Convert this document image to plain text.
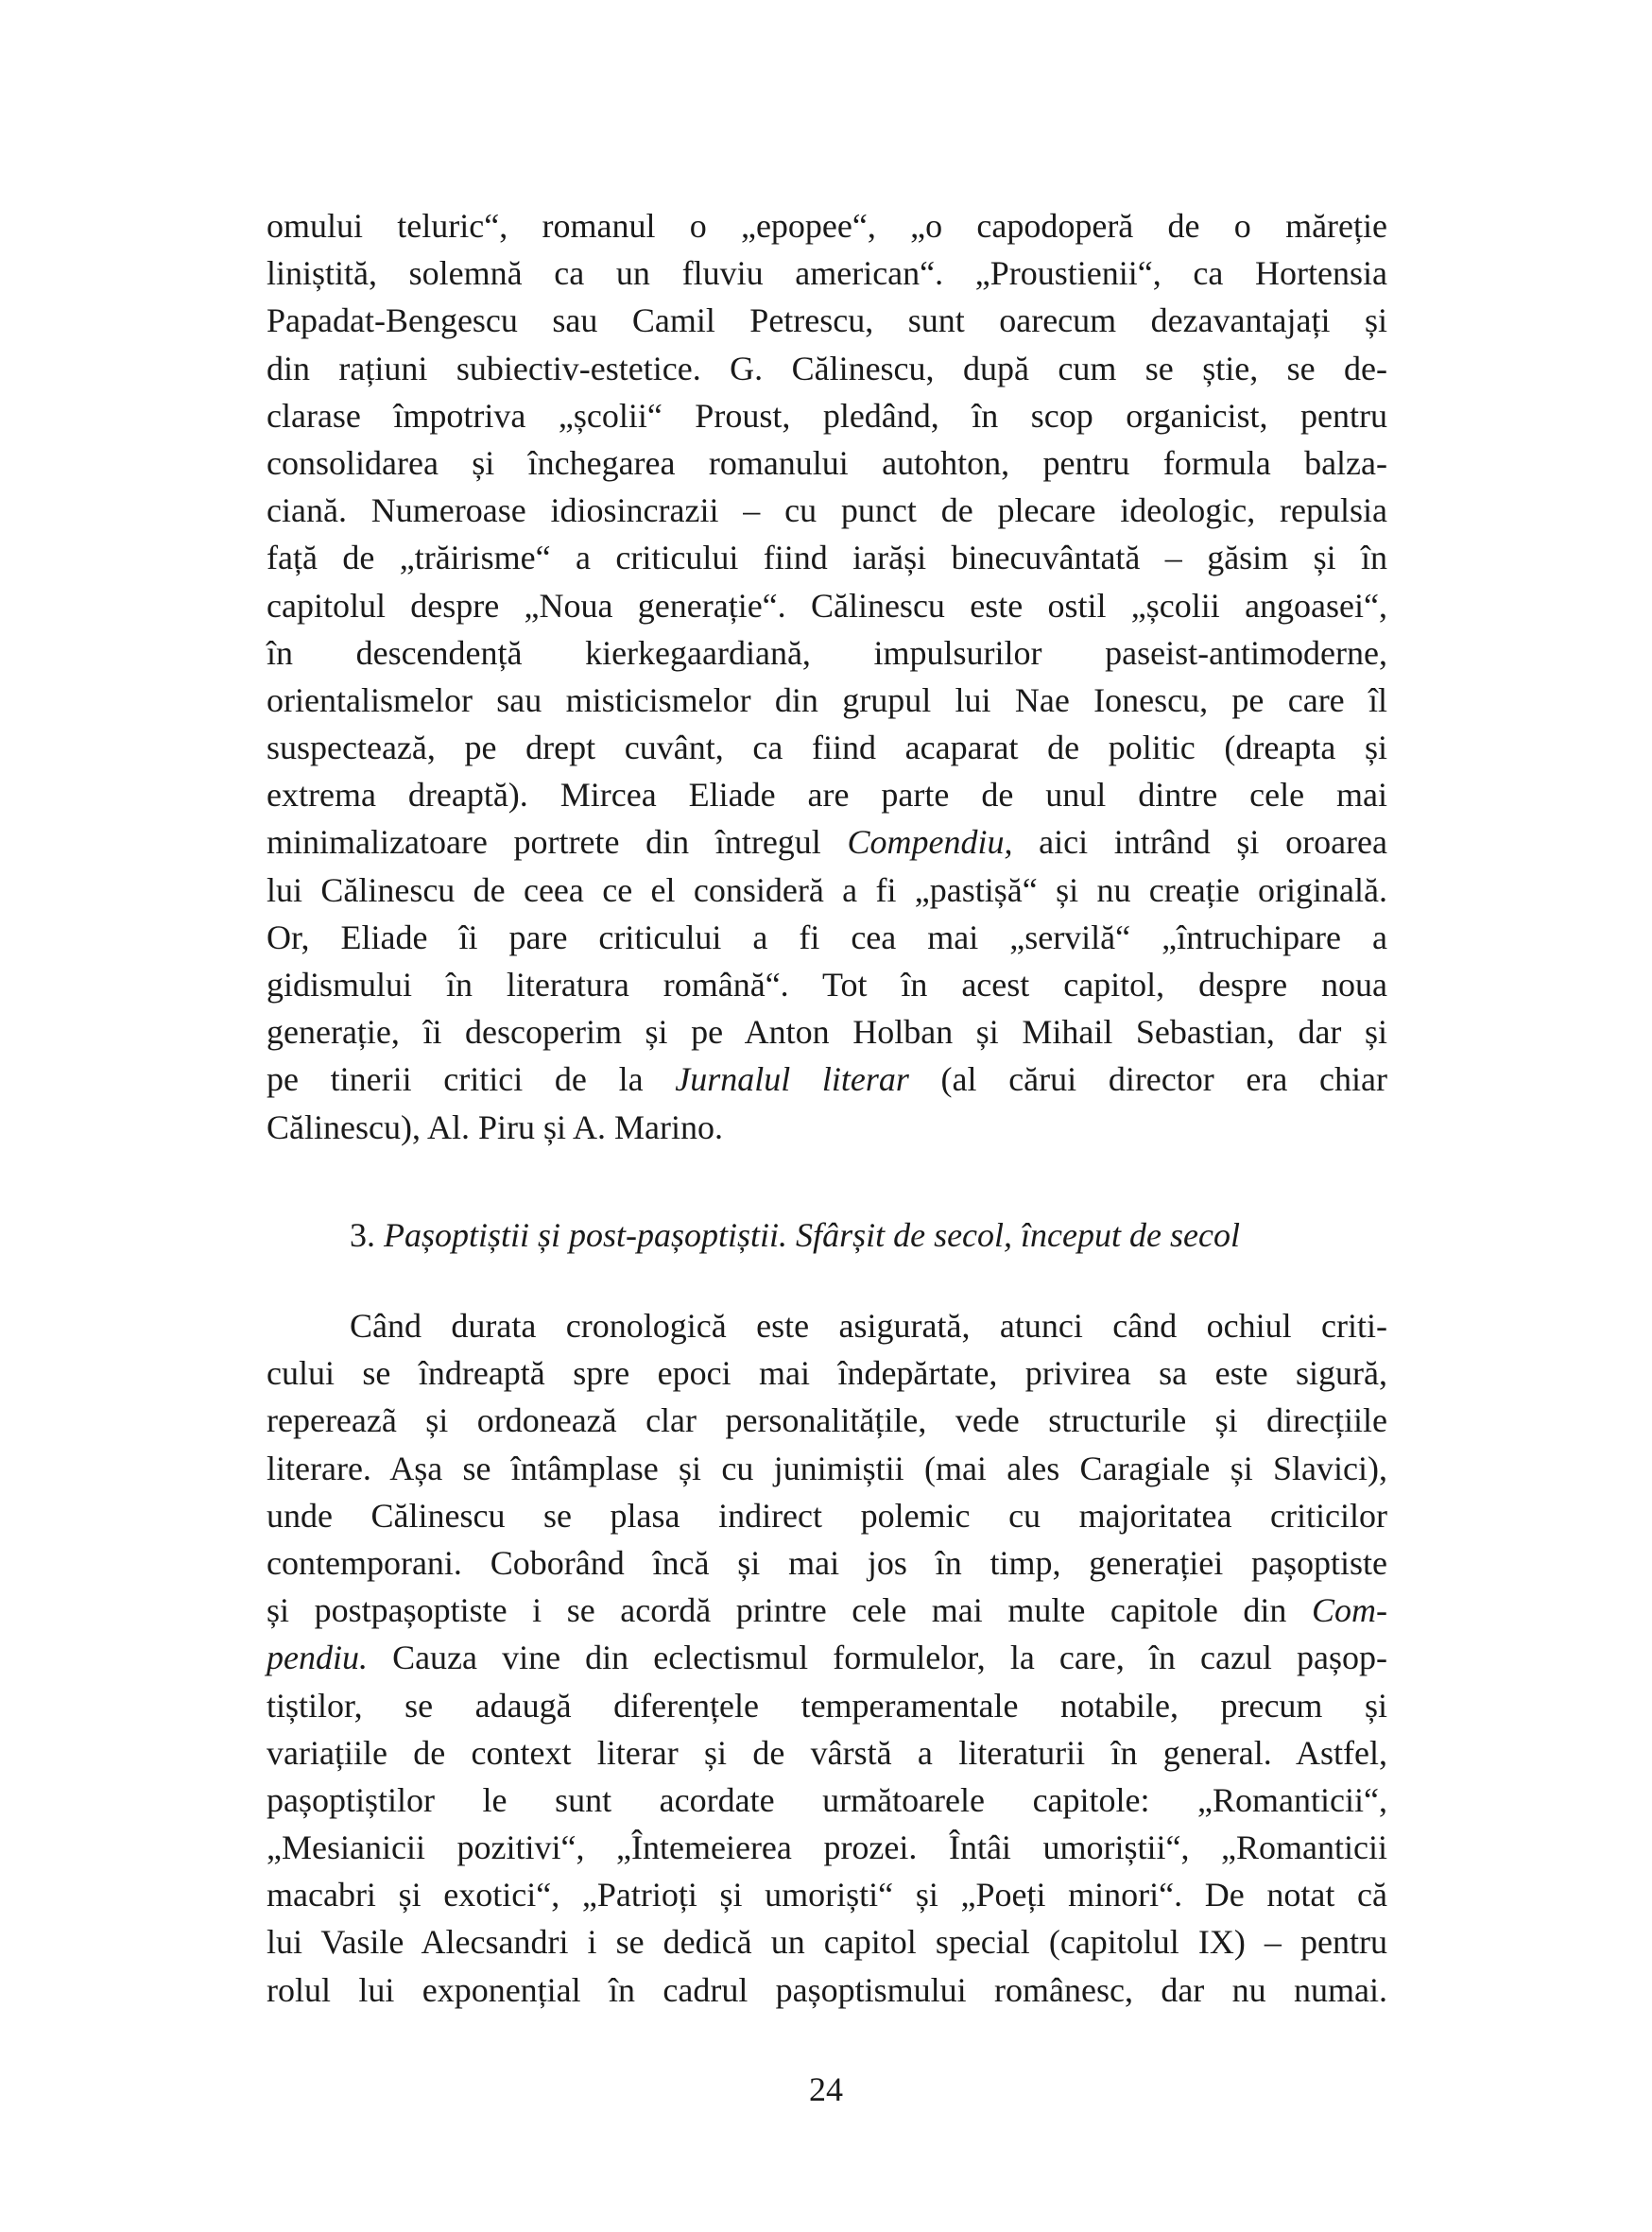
omului teluric“, romanul o „epopee“, „o capodoperă de o măreție
liniștită, solemnă ca un fluviu american“. „Proustienii“, ca Hortensia
Papadat-Bengescu sau Camil Petrescu, sunt oarecum dezavantajați și
din rațiuni subiectiv-estetice. G. Călinescu, după cum se știe, se de-
clarase împotriva „școlii“ Proust, pledând, în scop organicist, pentru
consolidarea și închegarea romanului autohton, pentru formula balza-
ciană. Numeroase idiosincrazii – cu punct de plecare ideologic, repulsia
față de „trăirisme“ a criticului fiind iarăși binecuvântată – găsim și în
capitolul despre „Noua generație“. Călinescu este ostil „școlii angoasei“,
în descendență kierkegaardiană, impulsurilor paseist-antimoderne,
orientalismelor sau misticismelor din grupul lui Nae Ionescu, pe care îl
suspectează, pe drept cuvânt, ca fiind acaparat de politic (dreapta și
extrema dreaptă). Mircea Eliade are parte de unul dintre cele mai
minimalizatoare portrete din întregul Compendiu, aici intrând și oroarea
lui Călinescu de ceea ce el consideră a fi „pastișă“ și nu creație originală.
Or, Eliade îi pare criticului a fi cea mai „servilă“ „întruchipare a
gidismului în literatura română“. Tot în acest capitol, despre noua
generație, îi descoperim și pe Anton Holban și Mihail Sebastian, dar și
pe tinerii critici de la Jurnalul literar (al cărui director era chiar
Călinescu), Al. Piru și A. Marino.
3. Pașoptiștii și post-pașoptiștii. Sfârșit de secol, început de secol
Când durata cronologică este asigurată, atunci când ochiul criti-
cului se îndreaptă spre epoci mai îndepărtate, privirea sa este sigură,
repereazã și ordonează clar personalitățile, vede structurile și direcțiile
literare. Așa se întâmplase și cu junimiștii (mai ales Caragiale și Slavici),
unde Călinescu se plasa indirect polemic cu majoritatea criticilor
contemporani. Coborând încă și mai jos în timp, generației pașoptiste
și postpașoptiste i se acordă printre cele mai multe capitole din Com-
pendiu. Cauza vine din eclectismul formulelor, la care, în cazul pașop-
tiștilor, se adaugă diferențele temperamentale notabile, precum și
variațiile de context literar și de vârstă a literaturii în general. Astfel,
pașoptiștilor le sunt acordate următoarele capitole: „Romanticii“,
„Mesianicii pozitivi“, „Întemeierea prozei. Întâi umoriștii“, „Romanticii
macabri și exotici“, „Patrioți și umoriști“ și „Poeți minori“. De notat că
lui Vasile Alecsandri i se dedică un capitol special (capitolul IX) – pentru
rolul lui exponențial în cadrul pașoptismului românesc, dar nu numai.
24
